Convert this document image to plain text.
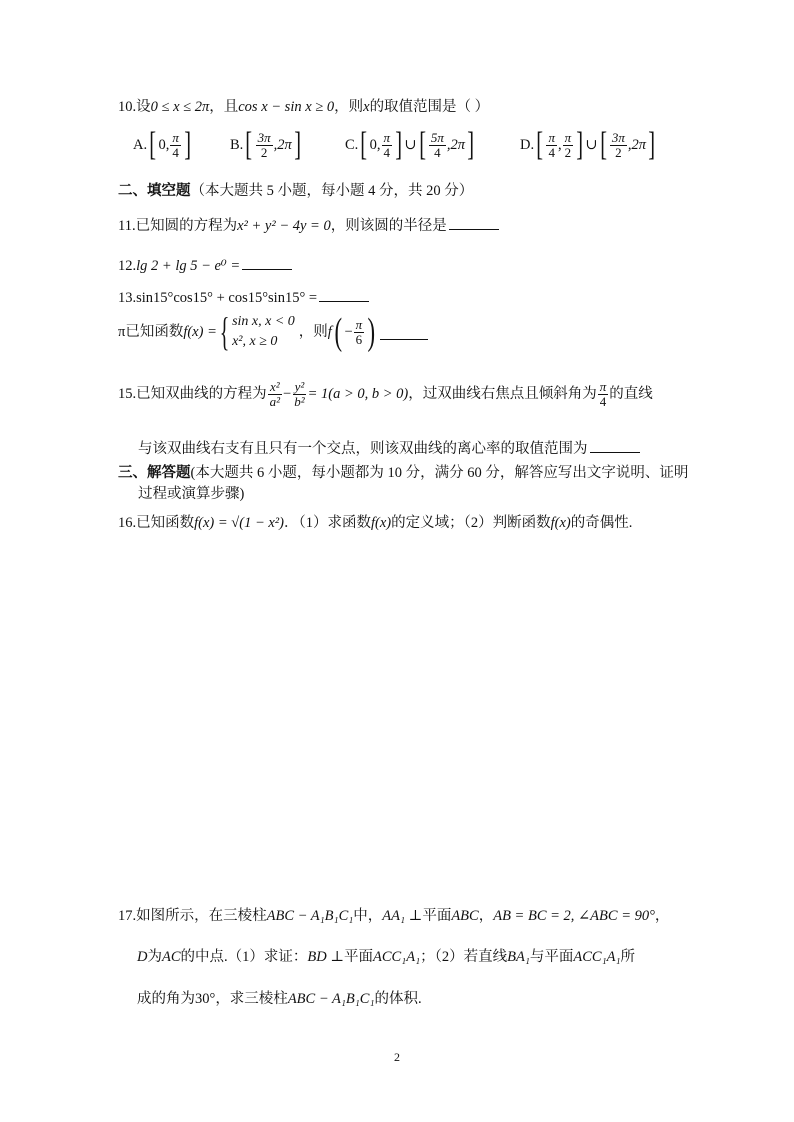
10.设0 ≤ x ≤ 2π，且cos x − sin x ≥ 0，则x的取值范围是（ ）
A. [ 0, $\frac{\pi}{4}$ ]	B. [ $\frac{3\pi}{2} ,2\pi$ ]	C. [ 0, $\frac{\pi}{4}$ ] ∪ [ $\frac{5\pi}{4} ,2\pi$ ]	D. [ $\frac{\pi}{4}$ , $\frac{\pi}{2}$ ] ∪ [ $\frac{3\pi}{2} ,2\pi$ ]
二、填空题（本大题共 5 小题，每小题 4 分，共 20 分）
11.已知圆的方程为x² + y² − 4y = 0，则该圆的半径是
12.lg 2 + lg 5 − e⁰ =
13.sin15°cos15° + cos15°sin15° =
π 已知函数 f(x) = { sin x, x < 0
x², x ≥ 0
，则 f ( − $\frac{\pi}{6}$ )
15. 已知双曲线的方程为 $\frac{\text{x²}}{\text{a²}} - \frac{\text{y²}}{\text{b²}} = 1(a > 0$, b > 0) ，过双曲线右焦点且倾斜角为 $\frac{\pi}{4}$ 的直线
与该双曲线右支有且只有一个交点，则该双曲线的离心率的取值范围为
三、解答题(本大题共 6 小题，每小题都为 10 分，满分 60 分，解答应写出文字说明、证明
过程或演算步骤)
16.已知函数f(x) = √(1 − x²)．（1）求函数f(x)的定义域；（2）判断函数f(x)的奇偶性.
17.如图所示，在三棱柱ABC − A₁B₁C₁中，AA₁ ⊥平面ABC，AB = BC = 2, ∠ABC = 90°，
D为AC的中点.（1）求证：BD ⊥平面ACC₁A₁；（2）若直线BA₁与平面ACC₁A₁所
成的角为30°，求三棱柱ABC − A₁B₁C₁的体积.
2
